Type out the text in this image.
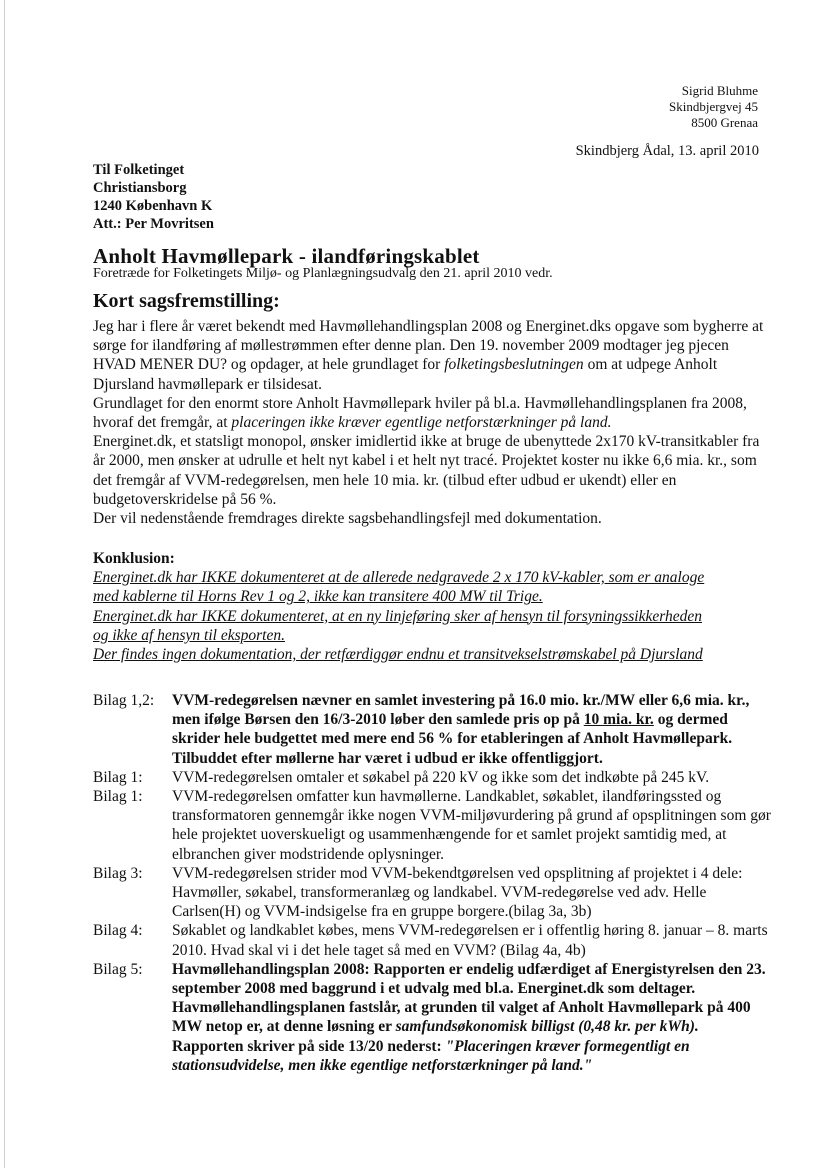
Sigrid Bluhme
Skindbjergvej 45
8500 Grenaa
Skindbjerg Ådal, 13. april 2010
Til Folketinget
Christiansborg
1240 København K
Att.: Per Movritsen
Anholt Havmøllepark - ilandføringskablet
Foretræde for Folketingets Miljø- og Planlægningsudvalg den 21. april 2010 vedr.
Kort sagsfremstilling:

Jeg har i flere år været bekendt med Havmøllehandlingsplan 2008 og Energinet.dks opgave som bygherre at sørge for ilandføring af møllestrømmen efter denne plan. Den 19. november 2009 modtager jeg pjecen HVAD MENER DU? og opdager, at hele grundlaget for folketingsbeslutningen om at udpege Anholt Djursland havmøllepark er tilsidesat.

Grundlaget for den enormt store Anholt Havmøllepark hviler på bl.a. Havmøllehandlingsplanen fra 2008, hvoraf det fremgår, at placeringen ikke kræver egentlige netforstærkninger på land.

Energinet.dk, et statsligt monopol, ønsker imidlertid ikke at bruge de ubenyttede 2x170 kV-transitkabler fra år 2000, men ønsker at udrulle et helt nyt kabel i et helt nyt tracé. Projektet koster nu ikke 6,6 mia. kr., som det fremgår af VVM-redegørelsen, men hele 10 mia. kr. (tilbud efter udbud er ukendt) eller en budgetoverskridelse på 56 %.

Der vil nedenstående fremdrages direkte sagsbehandlingsfejl med dokumentation.

Konklusion:
Energinet.dk har IKKE dokumenteret at de allerede nedgravede 2 x 170 kV-kabler, som er analoge
med kablerne til Horns Rev 1 og 2, ikke kan transitere 400 MW til Trige.
Energinet.dk har IKKE dokumenteret, at en ny linjeføring sker af hensyn til forsyningssikkerheden
og ikke af hensyn til eksporten.
Der findes ingen dokumentation, der retfærdiggør endnu et transitvekselstrømskabel på Djursland
Bilag 1,2:	VVM-redegørelsen nævner en samlet investering på 16.0 mio. kr./MW eller 6,6 mia. kr., men ifølge Børsen den 16/3-2010 løber den samlede pris op på 10 mia. kr. og dermed skrider hele budgettet med mere end 56 % for etableringen af Anholt Havmøllepark. Tilbuddet efter møllerne har været i udbud er ikke offentliggjort.
Bilag 1:	VVM-redegørelsen omtaler et søkabel på 220 kV og ikke som det indkøbte på 245 kV.
Bilag 1:	VVM-redegørelsen omfatter kun havmøllerne. Landkablet, søkablet, ilandføringssted og transformatoren gennemgår ikke nogen VVM-miljøvurdering på grund af opsplitningen som gør hele projektet uoverskueligt og usammenhængende for et samlet projekt samtidig med, at elbranchen giver modstridende oplysninger.
Bilag 3:	VVM-redegørelsen strider mod VVM-bekendtgørelsen ved opsplitning af projektet i 4 dele: Havmøller, søkabel, transformeranlæg og landkabel. VVM-redegørelse ved adv. Helle Carlsen(H) og VVM-indsigelse fra en gruppe borgere.(bilag 3a, 3b)
Bilag 4:	Søkablet og landkablet købes, mens VVM-redegørelsen er i offentlig høring 8. januar – 8. marts 2010. Hvad skal vi i det hele taget så med en VVM? (Bilag 4a, 4b)
Bilag 5:	Havmøllehandlingsplan 2008: Rapporten er endelig udfærdiget af Energistyrelsen den 23. september 2008 med baggrund i et udvalg med bl.a. Energinet.dk som deltager. Havmøllehandlingsplanen fastslår, at grunden til valget af Anholt Havmøllepark på 400 MW netop er, at denne løsning er samfundsøkonomisk billigst (0,48 kr. per kWh). Rapporten skriver på side 13/20 nederst: "Placeringen kræver formegentligt en stationsudvidelse, men ikke egentlige netforstærkninger på land."
